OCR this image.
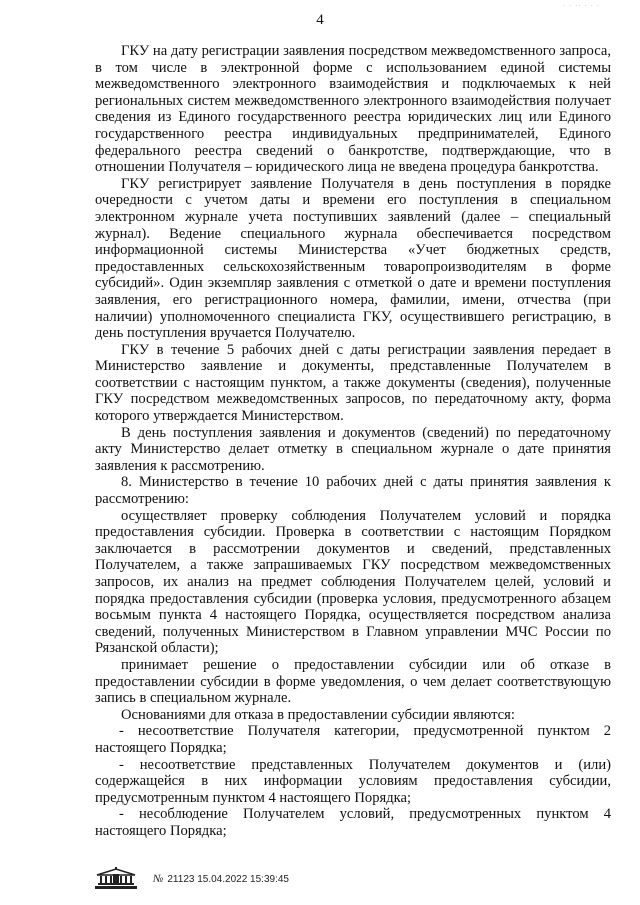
4
· · ·· · · ·

ГКУ на дату регистрации заявления посредством межведомственного запроса, в том числе в электронной форме с использованием единой системы межведомственного электронного взаимодействия и подключаемых к ней региональных систем межведомственного электронного взаимодействия получает сведения из Единого государственного реестра юридических лиц или Единого государственного реестра индивидуальных предпринимателей, Единого федерального реестра сведений о банкротстве, подтверждающие, что в отношении Получателя – юридического лица не введена процедура банкротства.

ГКУ регистрирует заявление Получателя в день поступления в порядке очередности с учетом даты и времени его поступления в специальном электронном журнале учета поступивших заявлений (далее – специальный журнал). Ведение специального журнала обеспечивается посредством информационной системы Министерства «Учет бюджетных средств, предоставленных сельскохозяйственным товаропроизводителям в форме субсидий». Один экземпляр заявления с отметкой о дате и времени поступления заявления, его регистрационного номера, фамилии, имени, отчества (при наличии) уполномоченного специалиста ГКУ, осуществившего регистрацию, в день поступления вручается Получателю.

ГКУ в течение 5 рабочих дней с даты регистрации заявления передает в Министерство заявление и документы, представленные Получателем в соответствии с настоящим пунктом, а также документы (сведения), полученные ГКУ посредством межведомственных запросов, по передаточному акту, форма которого утверждается Министерством.

В день поступления заявления и документов (сведений) по передаточному акту Министерство делает отметку в специальном журнале о дате принятия заявления к рассмотрению.

8. Министерство в течение 10 рабочих дней с даты принятия заявления к рассмотрению:

осуществляет проверку соблюдения Получателем условий и порядка предоставления субсидии. Проверка в соответствии с настоящим Порядком заключается в рассмотрении документов и сведений, представленных Получателем, а также запрашиваемых ГКУ посредством межведомственных запросов, их анализ на предмет соблюдения Получателем целей, условий и порядка предоставления субсидии (проверка условия, предусмотренного абзацем восьмым пункта 4 настоящего Порядка, осуществляется посредством анализа сведений, полученных Министерством в Главном управлении МЧС России по Рязанской области);

принимает решение о предоставлении субсидии или об отказе в предоставлении субсидии в форме уведомления, о чем делает соответствующую запись в специальном журнале.

Основаниями для отказа в предоставлении субсидии являются:

- несоответствие Получателя категории, предусмотренной пунктом 2 настоящего Порядка;

- несоответствие представленных Получателем документов и (или) содержащейся в них информации условиям предоставления субсидии, предусмотренным пунктом 4 настоящего Порядка;

- несоблюдение Получателем условий, предусмотренных пунктом 4 настоящего Порядка;

№ 21123 15.04.2022 15:39:45
